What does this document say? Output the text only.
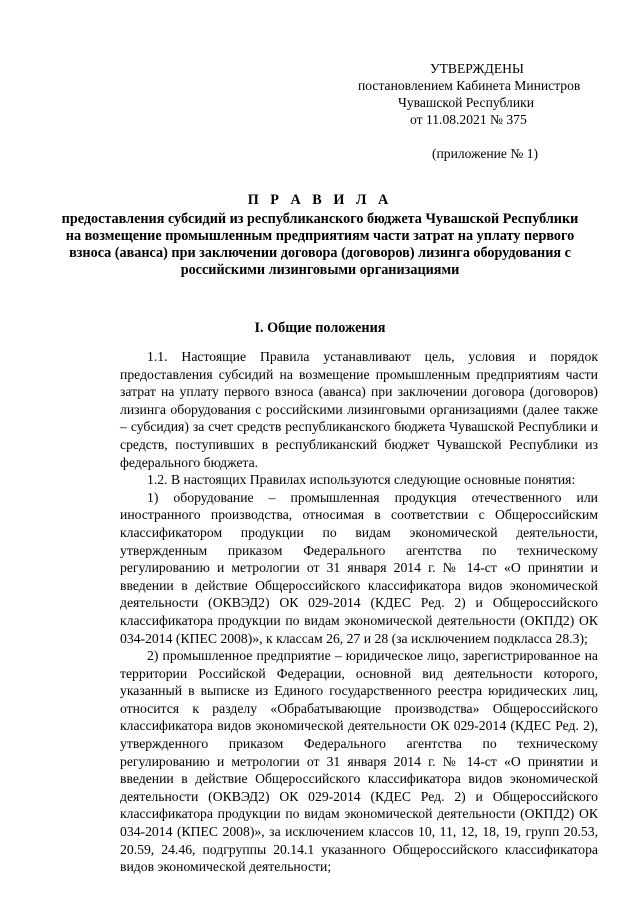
УТВЕРЖДЕНЫ
постановлением Кабинета Министров
Чувашской Республики
от 11.08.2021 № 375
(приложение № 1)
П Р А В И Л А
предоставления субсидий из республиканского бюджета Чувашской Республики на возмещение промышленным предприятиям части затрат на уплату первого взноса (аванса) при заключении договора (договоров) лизинга оборудования с российскими лизинговыми организациями
I. Общие положения

1.1. Настоящие Правила устанавливают цель, условия и порядок предоставления субсидий на возмещение промышленным предприятиям части затрат на уплату первого взноса (аванса) при заключении договора (договоров) лизинга оборудования с российскими лизинговыми организациями (далее также – субсидия) за счет средств республиканского бюджета Чувашской Республики и средств, поступивших в республиканский бюджет Чувашской Республики из федерального бюджета.

1.2. В настоящих Правилах используются следующие основные понятия:

1) оборудование – промышленная продукция отечественного или иностранного производства, относимая в соответствии с Общероссийским классификатором продукции по видам экономической деятельности, утвержденным приказом Федерального агентства по техническому регулированию и метрологии от 31 января 2014 г. № 14-ст «О принятии и введении в действие Общероссийского классификатора видов экономической деятельности (ОКВЭД2) ОК 029-2014 (КДЕС Ред. 2) и Общероссийского классификатора продукции по видам экономической деятельности (ОКПД2) ОК 034-2014 (КПЕС 2008)», к классам 26, 27 и 28 (за исключением подкласса 28.3);

2) промышленное предприятие – юридическое лицо, зарегистрированное на территории Российской Федерации, основной вид деятельности которого, указанный в выписке из Единого государственного реестра юридических лиц, относится к разделу «Обрабатывающие производства» Общероссийского классификатора видов экономической деятельности ОК 029-2014 (КДЕС Ред. 2), утвержденного приказом Федерального агентства по техническому регулированию и метрологии от 31 января 2014 г. № 14-ст «О принятии и введении в действие Общероссийского классификатора видов экономической деятельности (ОКВЭД2) ОК 029-2014 (КДЕС Ред. 2) и Общероссийского классификатора продукции по видам экономической деятельности (ОКПД2) ОК 034-2014 (КПЕС 2008)», за исключением классов 10, 11, 12, 18, 19, групп 20.53, 20.59, 24.46, подгруппы 20.14.1 указанного Общероссийского классификатора видов экономической деятельности;
